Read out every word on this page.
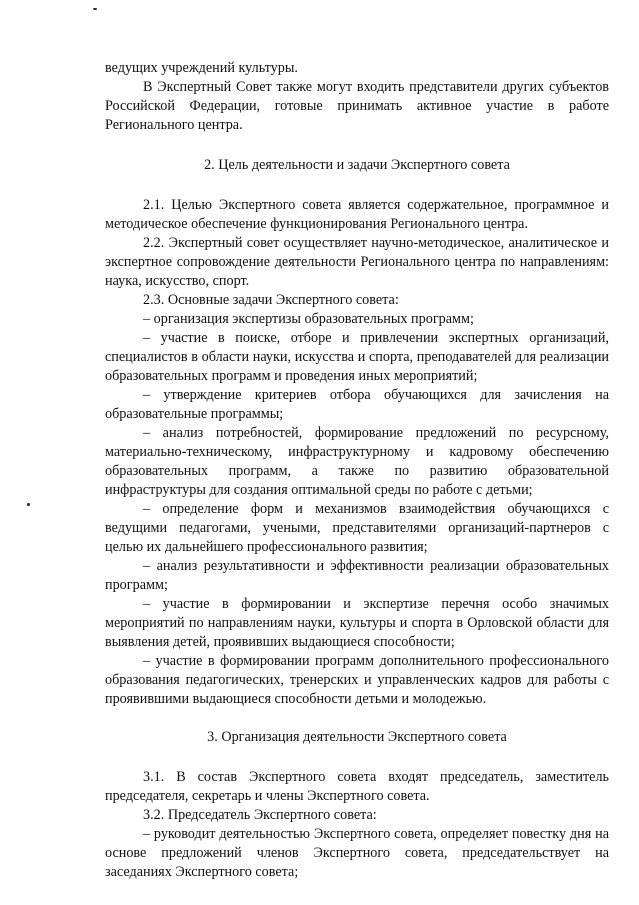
ведущих учреждений культуры.

В Экспертный Совет также могут входить представители других субъектов Российской Федерации, готовые принимать активное участие в работе Регионального центра.

2. Цель деятельности и задачи Экспертного совета

2.1. Целью Экспертного совета является содержательное, программное и методическое обеспечение функционирования Регионального центра.

2.2. Экспертный совет осуществляет научно-методическое, аналитическое и экспертное сопровождение деятельности Регионального центра по направлениям: наука, искусство, спорт.

2.3. Основные задачи Экспертного совета:

– организация экспертизы образовательных программ;

– участие в поиске, отборе и привлечении экспертных организаций, специалистов в области науки, искусства и спорта, преподавателей для реализации образовательных программ и проведения иных мероприятий;

– утверждение критериев отбора обучающихся для зачисления на образовательные программы;

– анализ потребностей, формирование предложений по ресурсному, материально-техническому, инфраструктурному и кадровому обеспечению образовательных программ, а также по развитию образовательной инфраструктуры для создания оптимальной среды по работе с детьми;

– определение форм и механизмов взаимодействия обучающихся с ведущими педагогами, учеными, представителями организаций-партнеров с целью их дальнейшего профессионального развития;

– анализ результативности и эффективности реализации образовательных программ;

– участие в формировании и экспертизе перечня особо значимых мероприятий по направлениям науки, культуры и спорта в Орловской области для выявления детей, проявивших выдающиеся способности;

– участие в формировании программ дополнительного профессионального образования педагогических, тренерских и управленческих кадров для работы с проявившими выдающиеся способности детьми и молодежью.

3. Организация деятельности Экспертного совета

3.1. В состав Экспертного совета входят председатель, заместитель председателя, секретарь и члены Экспертного совета.

3.2. Председатель Экспертного совета:

– руководит деятельностью Экспертного совета, определяет повестку дня на основе предложений членов Экспертного совета, председательствует на заседаниях Экспертного совета;
